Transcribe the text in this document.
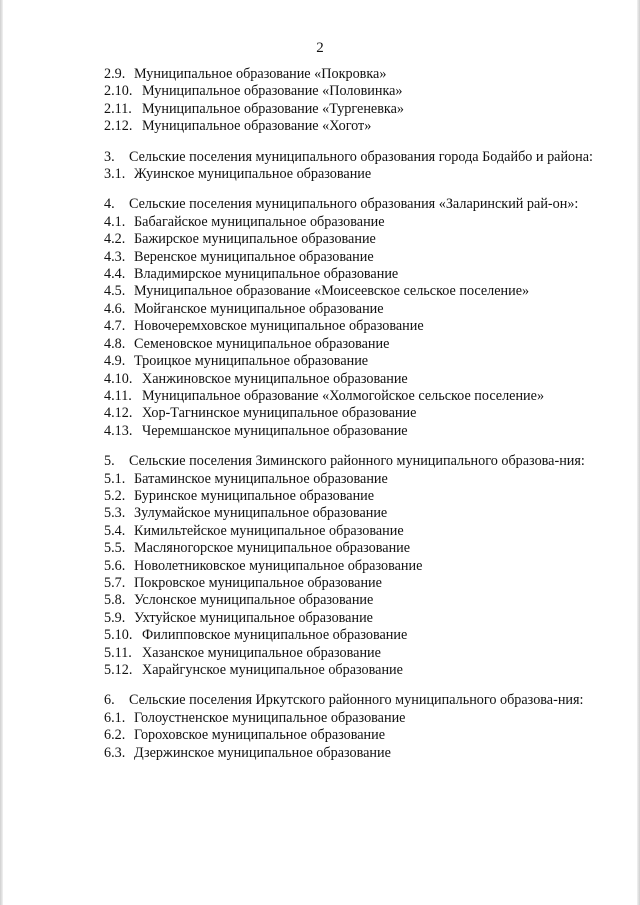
2
2.9. Муниципальное образование «Покровка»
2.10. Муниципальное образование «Половинка»
2.11. Муниципальное образование «Тургеневка»
2.12. Муниципальное образование «Хогот»
3.	Сельские поселения муниципального образования города Бодайбо и района:
3.1. Жуинское муниципальное образование
4.	Сельские поселения муниципального образования «Заларинский рай-он»:
4.1. Бабагайское муниципальное образование
4.2. Бажирское муниципальное образование
4.3. Веренское муниципальное образование
4.4. Владимирское муниципальное образование
4.5. Муниципальное образование «Моисеевское сельское поселение»
4.6. Мойганское муниципальное образование
4.7. Новочеремховское муниципальное образование
4.8. Семеновское муниципальное образование
4.9. Троицкое муниципальное образование
4.10. Ханжиновское муниципальное образование
4.11. Муниципальное образование «Холмогойское сельское поселение»
4.12. Хор-Тагнинское муниципальное образование
4.13. Черемшанское муниципальное образование
5.	Сельские поселения Зиминского районного муниципального образова-ния:
5.1. Батаминское муниципальное образование
5.2. Буринское муниципальное образование
5.3. Зулумайское муниципальное образование
5.4. Кимильтейское муниципальное образование
5.5. Масляногорское муниципальное образование
5.6. Новолетниковское муниципальное образование
5.7. Покровское муниципальное образование
5.8. Услонское муниципальное образование
5.9. Ухтуйское муниципальное образование
5.10. Филипповское муниципальное образование
5.11. Хазанское муниципальное образование
5.12. Харайгунское муниципальное образование
6.	Сельские поселения Иркутского районного муниципального образова-ния:
6.1. Голоустненское муниципальное образование
6.2. Гороховское муниципальное образование
6.3. Дзержинское муниципальное образование
